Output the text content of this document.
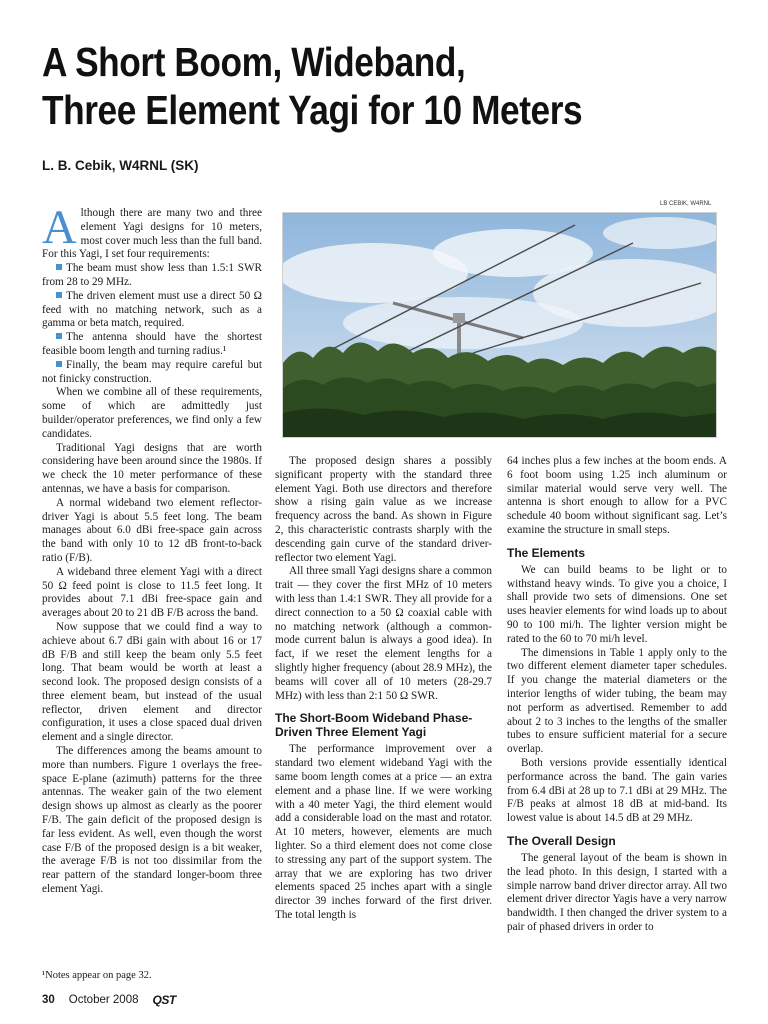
A Short Boom, Wideband,
Three Element Yagi for 10 Meters
L. B. Cebik, W4RNL (SK)
LB CEBIK, W4RNL

Although there are many two and three element Yagi designs for 10 meters, most cover much less than the full band. For this Yagi, I set four requirements:

The beam must show less than 1.5:1 SWR from 28 to 29 MHz.

The driven element must use a direct 50 Ω feed with no matching network, such as a gamma or beta match, required.

The antenna should have the shortest feasible boom length and turning radius.¹

Finally, the beam may require careful but not finicky construction.

When we combine all of these requirements, some of which are admittedly just builder/operator preferences, we find only a few candidates.

Traditional Yagi designs that are worth considering have been around since the 1980s. If we check the 10 meter performance of these antennas, we have a basis for comparison.

A normal wideband two element reflector-driver Yagi is about 5.5 feet long. The beam manages about 6.0 dBi free-space gain across the band with only 10 to 12 dB front-to-back ratio (F/B).

A wideband three element Yagi with a direct 50 Ω feed point is close to 11.5 feet long. It provides about 7.1 dBi free-space gain and averages about 20 to 21 dB F/B across the band.

Now suppose that we could find a way to achieve about 6.7 dBi gain with about 16 or 17 dB F/B and still keep the beam only 5.5 feet long. That beam would be worth at least a second look. The proposed design consists of a three element beam, but instead of the usual reflector, driven element and director configuration, it uses a close spaced dual driven element and a single director.

The differences among the beams amount to more than numbers. Figure 1 overlays the free-space E-plane (azimuth) patterns for the three antennas. The weaker gain of the two element design shows up almost as clearly as the poorer F/B. The gain deficit of the proposed design is far less evident. As well, even though the worst case F/B of the proposed design is a bit weaker, the average F/B is not too dissimilar from the rear pattern of the standard longer-boom three element Yagi.

¹Notes appear on page 32.

The proposed design shares a possibly significant property with the standard three element Yagi. Both use directors and therefore show a rising gain value as we increase frequency across the band. As shown in Figure 2, this characteristic contrasts sharply with the descending gain curve of the standard driver-reflector two element Yagi.

All three small Yagi designs share a common trait — they cover the first MHz of 10 meters with less than 1.4:1 SWR. They all provide for a direct connection to a 50 Ω coaxial cable with no matching network (although a common-mode current balun is always a good idea). In fact, if we reset the element lengths for a slightly higher frequency (about 28.9 MHz), the beams will cover all of 10 meters (28-29.7 MHz) with less than 2:1 50 Ω SWR.

The Short-Boom Wideband Phase-Driven Three Element Yagi

The performance improvement over a standard two element wideband Yagi with the same boom length comes at a price — an extra element and a phase line. If we were working with a 40 meter Yagi, the third element would add a considerable load on the mast and rotator. At 10 meters, however, elements are much lighter. So a third element does not come close to stressing any part of the support system. The array that we are exploring has two driver elements spaced 25 inches apart with a single director 39 inches forward of the first driver. The total length is

64 inches plus a few inches at the boom ends. A 6 foot boom using 1.25 inch aluminum or similar material would serve very well. The antenna is short enough to allow for a PVC schedule 40 boom without significant sag. Let’s examine the structure in small steps.

The Elements

We can build beams to be light or to withstand heavy winds. To give you a choice, I shall provide two sets of dimensions. One set uses heavier elements for wind loads up to about 90 to 100 mi/h. The lighter version might be rated to the 60 to 70 mi/h level.

The dimensions in Table 1 apply only to the two different element diameter taper schedules. If you change the material diameters or the interior lengths of wider tubing, the beam may not perform as advertised. Remember to add about 2 to 3 inches to the lengths of the smaller tubes to ensure sufficient material for a secure overlap.

Both versions provide essentially identical performance across the band. The gain varies from 6.4 dBi at 28 up to 7.1 dBi at 29 MHz. The F/B peaks at almost 18 dB at mid-band. Its lowest value is about 14.5 dB at 29 MHz.

The Overall Design

The general layout of the beam is shown in the lead photo. In this design, I started with a simple narrow band driver director array. All two element driver director Yagis have a very narrow bandwidth. I then changed the driver system to a pair of phased drivers in order to

30 October 2008 QST
